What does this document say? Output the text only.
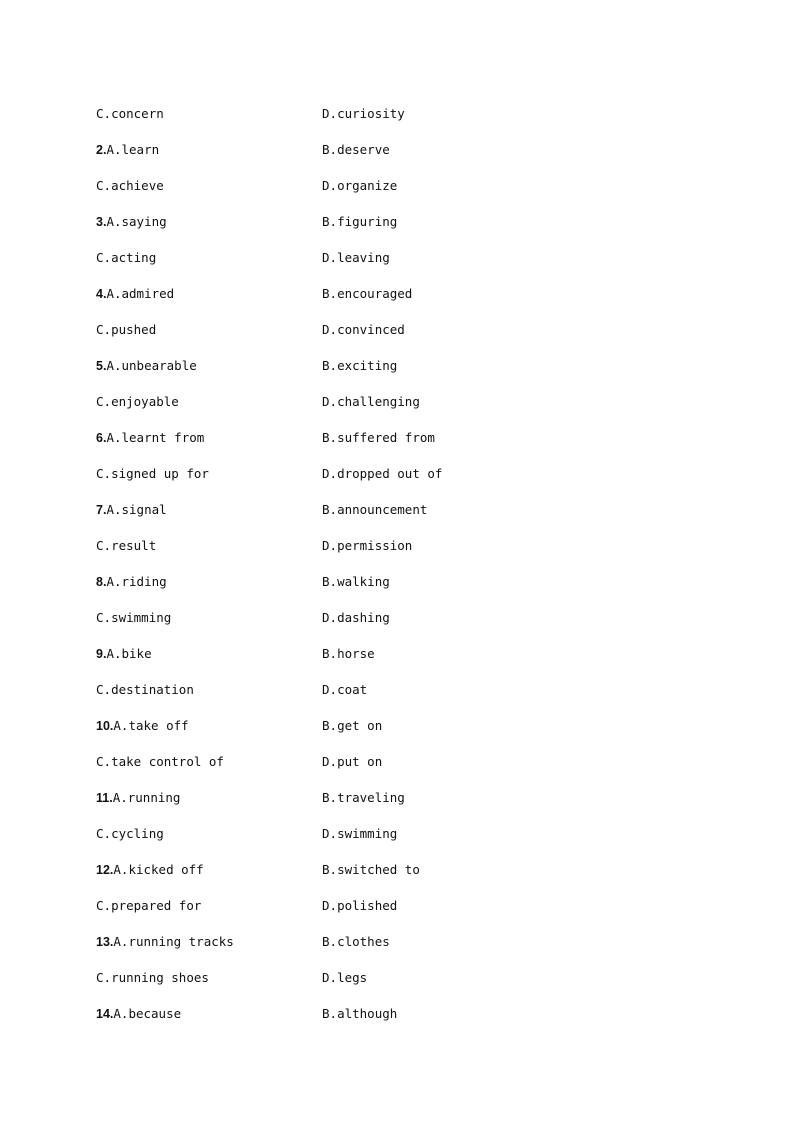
C.concern	D.curiosity
2.A.learn	B.deserve
C.achieve	D.organize
3.A.saying	B.figuring
C.acting	D.leaving
4.A.admired	B.encouraged
C.pushed	D.convinced
5.A.unbearable	B.exciting
C.enjoyable	D.challenging
6.A.learnt from	B.suffered from
C.signed up for	D.dropped out of
7.A.signal	B.announcement
C.result	D.permission
8.A.riding	B.walking
C.swimming	D.dashing
9.A.bike	B.horse
C.destination	D.coat
10.A.take off	B.get on
C.take control of	D.put on
11.A.running	B.traveling
C.cycling	D.swimming
12.A.kicked off	B.switched to
C.prepared for	D.polished
13.A.running tracks	B.clothes
C.running shoes	D.legs
14.A.because	B.although
